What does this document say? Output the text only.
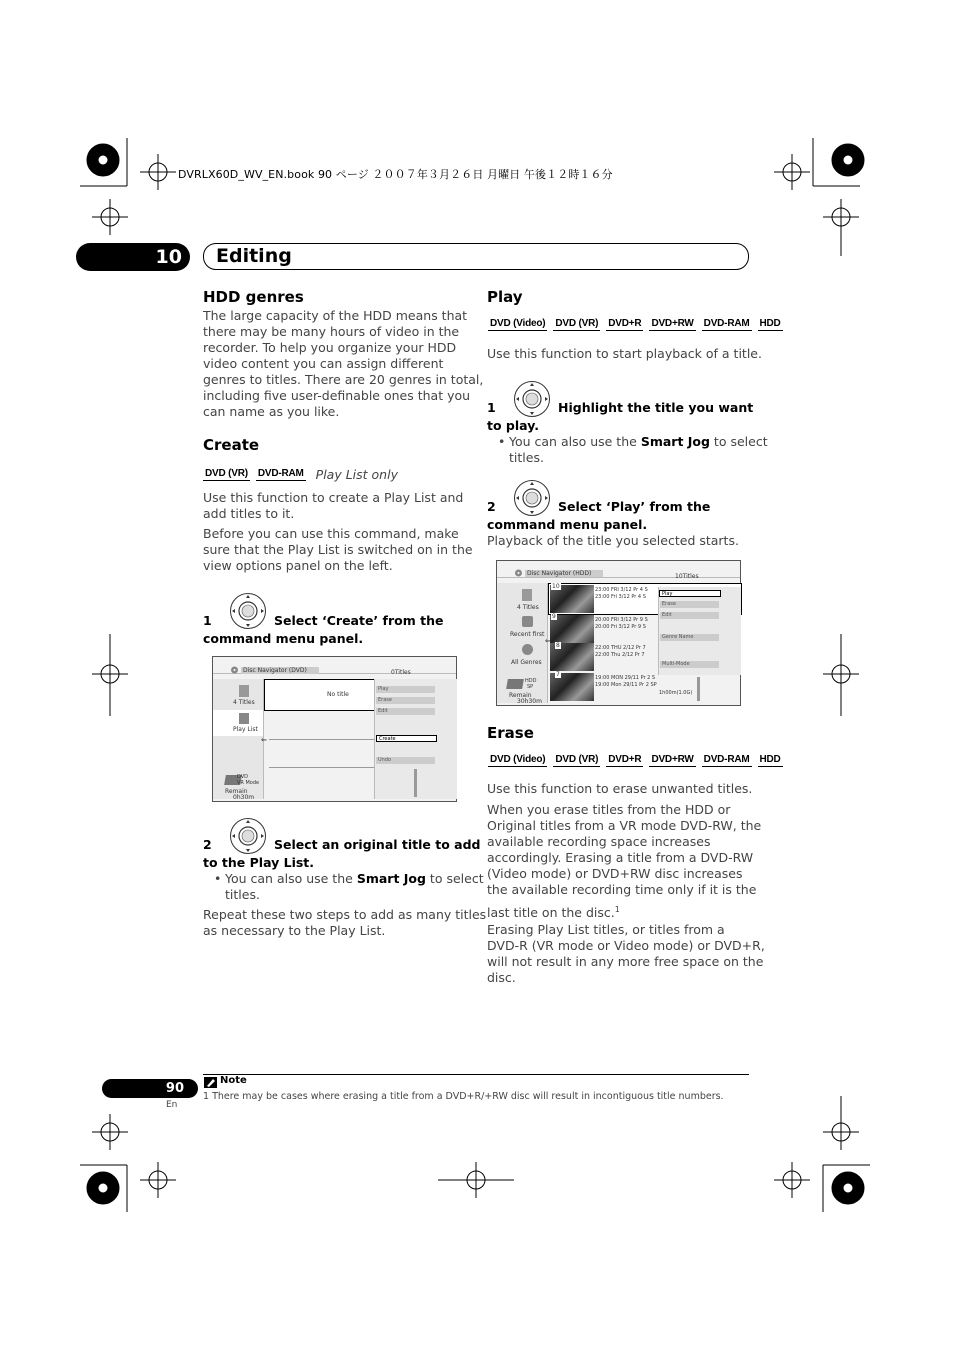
DVRLX60D_WV_EN.book 90 ページ ２００７年３月２６日 月曜日 午後１２時１６分
10	Editing
HDD genres

The large capacity of the HDD means that

there may be many hours of video in the

recorder. To help you organize your HDD

video content you can assign different

genres to titles. There are 20 genres in total,

including five user-definable ones that you

can name as you like.

Create
DVD (VR) DVD-RAM Play List only

Use this function to create a Play List and

add titles to it.

Before you can use this command, make

sure that the Play List is switched on in the

view options panel on the left.

1	Select ‘Create’ from the
command menu panel.
Disc Navigator (DVD)	0Titles
4 Titles
Play List
DVD
VR Mode
Remain
0h30m
No title
Play
Erase
Edit
Create
Undo
⇐
2	Select an original title to add
to the Play List.
• You can also use the Smart Jog to select
titles.

Repeat these two steps to add as many titles

as necessary to the Play List.

Play
DVD (Video) DVD (VR) DVD+R DVD+RW DVD-RAM HDD

Use this function to start playback of a title.

1	Highlight the title you want
to play.
• You can also use the Smart Jog to select
titles.
2	Select ‘Play’ from the
command menu panel.

Playback of the title you selected starts.

Disc Navigator (HDD)	10Titles
4 Titles
Recent first
All Genres
HDD
SP
Remain
30h30m
10	23:00 FRI 3/12 Pr 4 S
23:00 Fri 3/12 Pr 4 S
9	20:00 FRI 3/12 Pr 9 S
20:00 Fri 3/12 Pr 9 S
8	22:00 THU 2/12 Pr 7
22:00 Thu 2/12 Pr 7
7	19:00 MON 29/11 Pr 2 S
19:00 Mon 29/11 Pr 2 SP
1h00m(1.0G)
Play
Erase
Edit
Genre Name
Multi-Mode
⇐
Erase
DVD (Video) DVD (VR) DVD+R DVD+RW DVD-RAM HDD

Use this function to erase unwanted titles.

When you erase titles from the HDD or

Original titles from a VR mode DVD-RW, the

available recording space increases

accordingly. Erasing a title from a DVD-RW

(Video mode) or DVD+RW disc increases

the available recording time only if it is the

last title on the disc.$^1$

Erasing Play List titles, or titles from a

DVD-R (VR mode or Video mode) or DVD+R,

will not result in any more free space on the

disc.

Note
1 There may be cases where erasing a title from a DVD+R/+RW disc will result in incontiguous title numbers.
90
En
